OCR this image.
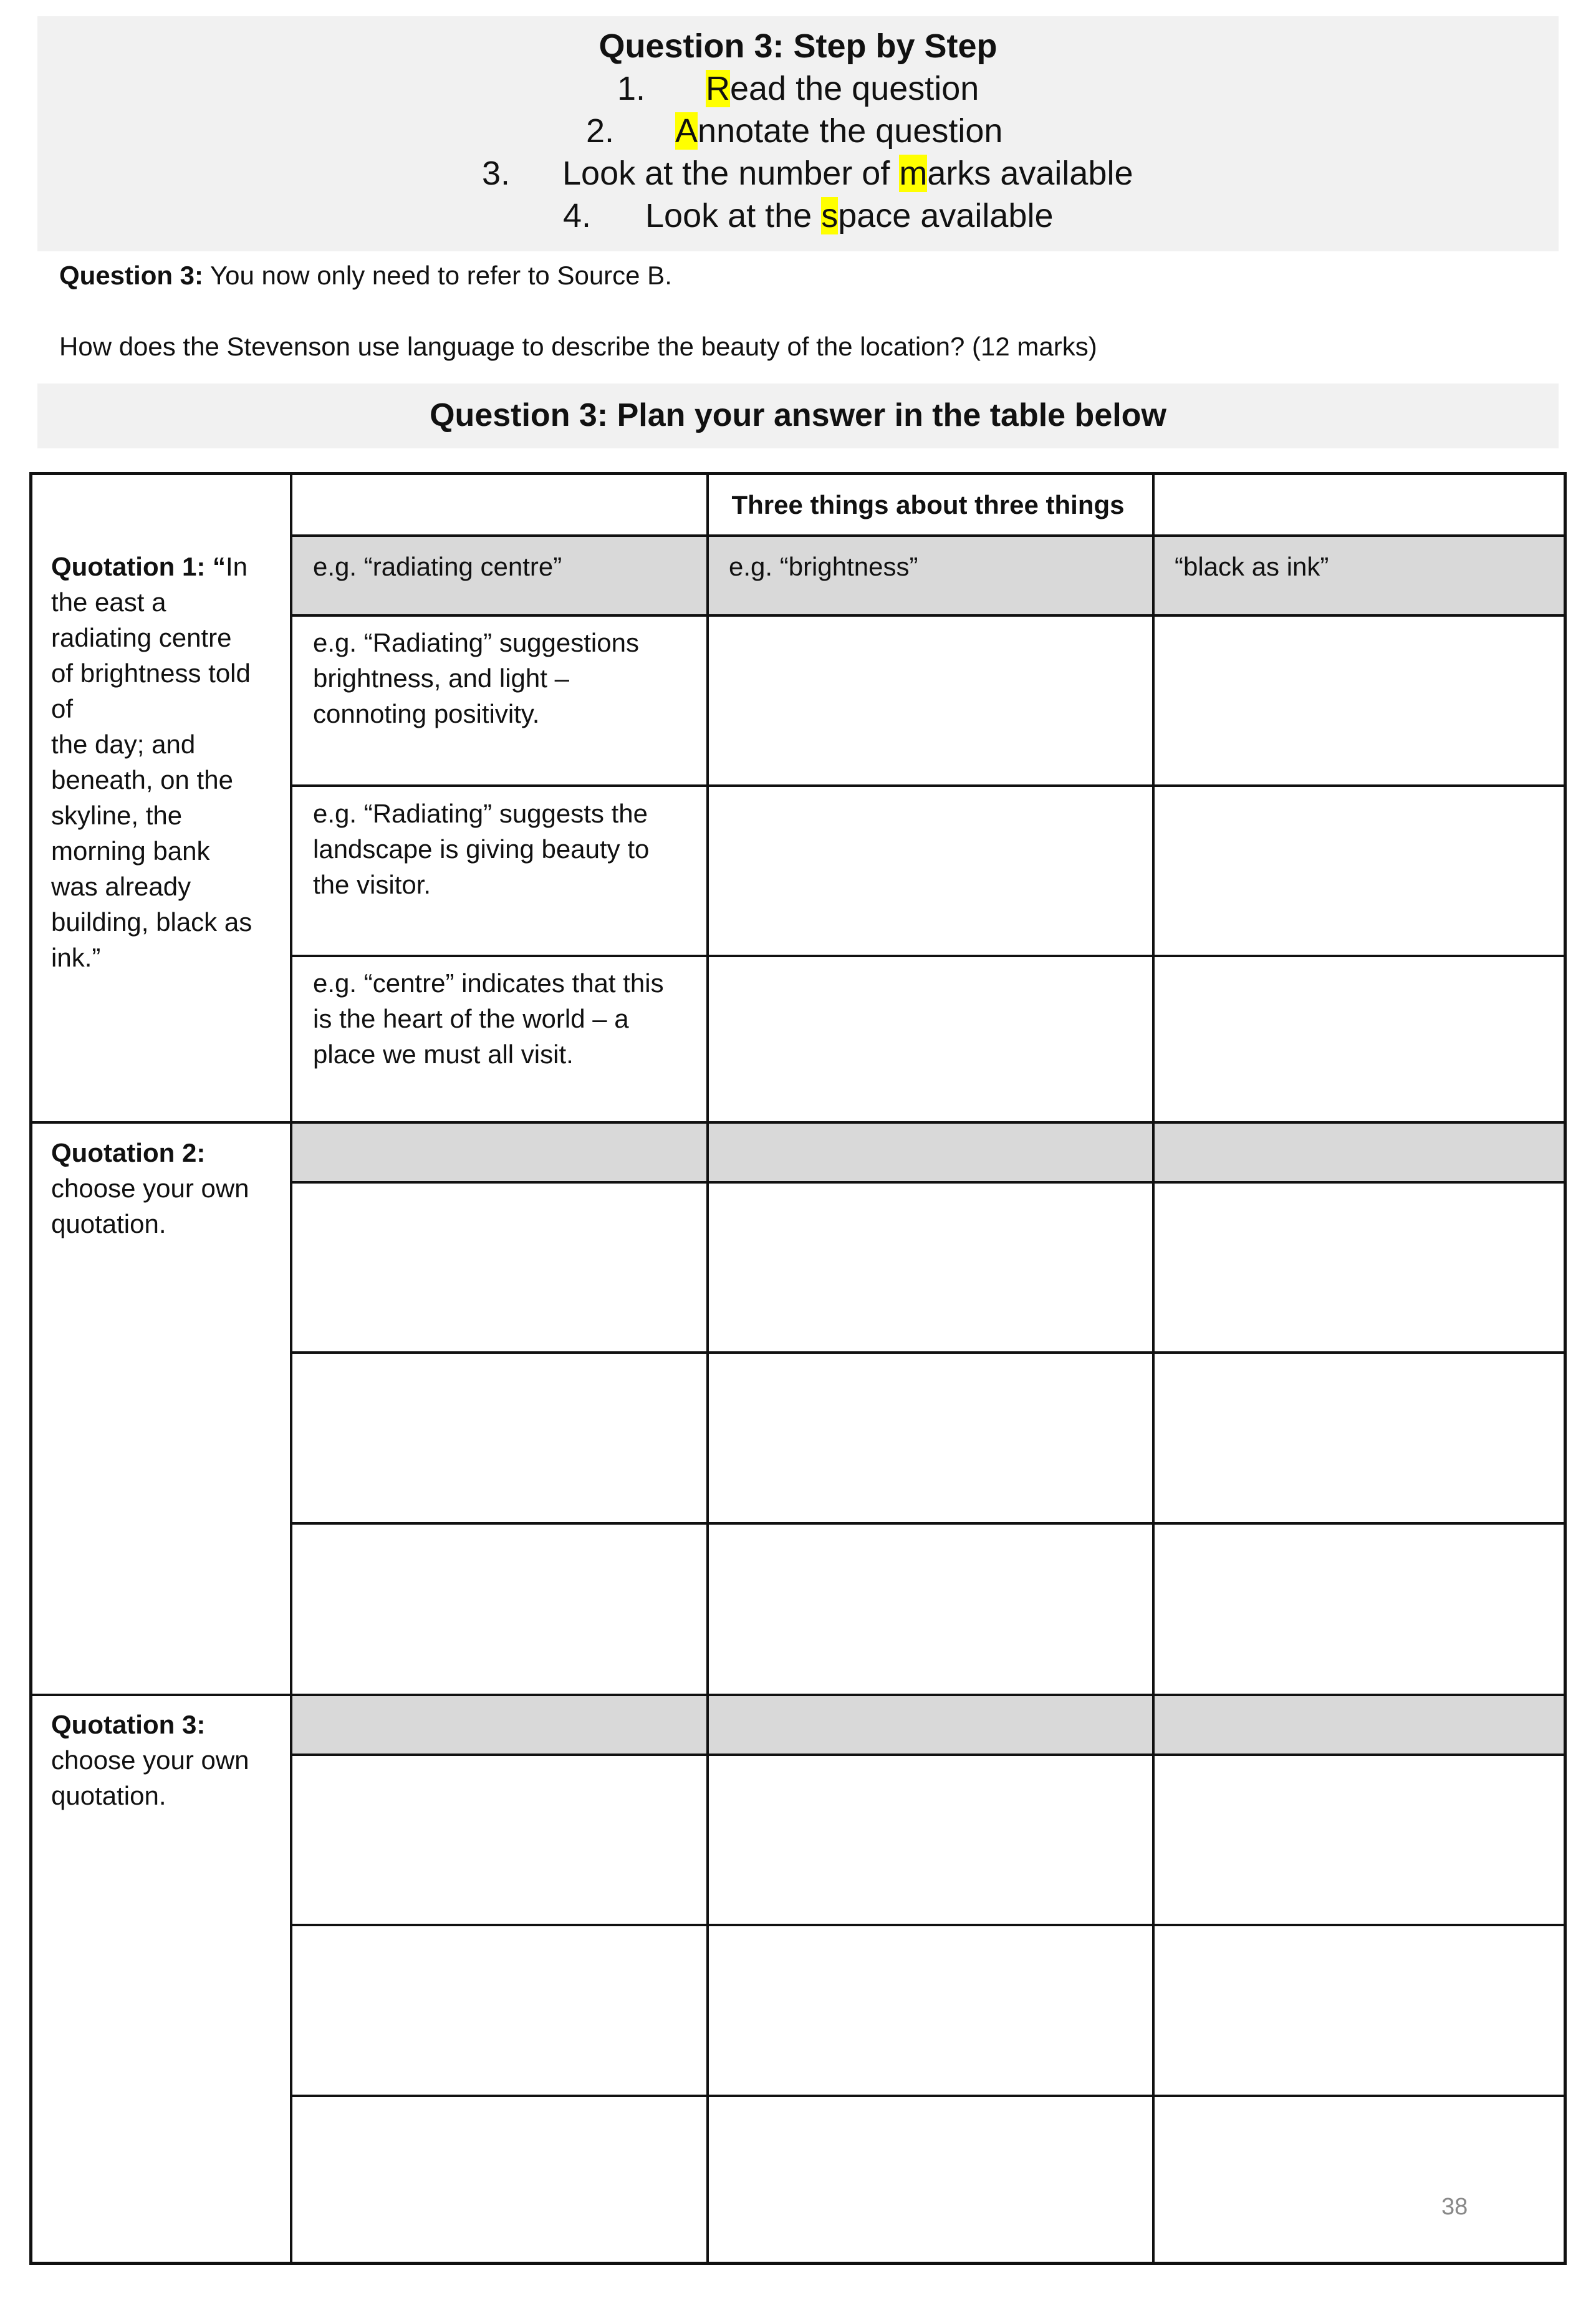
Question 3: Step by Step
1. Read the question
2. Annotate the question
3. Look at the number of marks available
4. Look at the space available
Question 3: You now only need to refer to Source B.
How does the Stevenson use language to describe the beauty of the location? (12 marks)
Question 3: Plan your answer in the table below
Three things about three things
Quotation 1: “In
the east a
radiating centre
of brightness told
of
the day; and
beneath, on the
skyline, the
morning bank
was already
building, black as
ink.”
Quotation 2:
choose your own
quotation.
Quotation 3:
choose your own
quotation.
e.g. “radiating centre”	e.g. “brightness”	“black as ink”
e.g. “Radiating” suggestions
brightness, and light –
connoting positivity.
e.g. “Radiating” suggests the
landscape is giving beauty to
the visitor.
e.g. “centre” indicates that this
is the heart of the world – a
place we must all visit.
38
